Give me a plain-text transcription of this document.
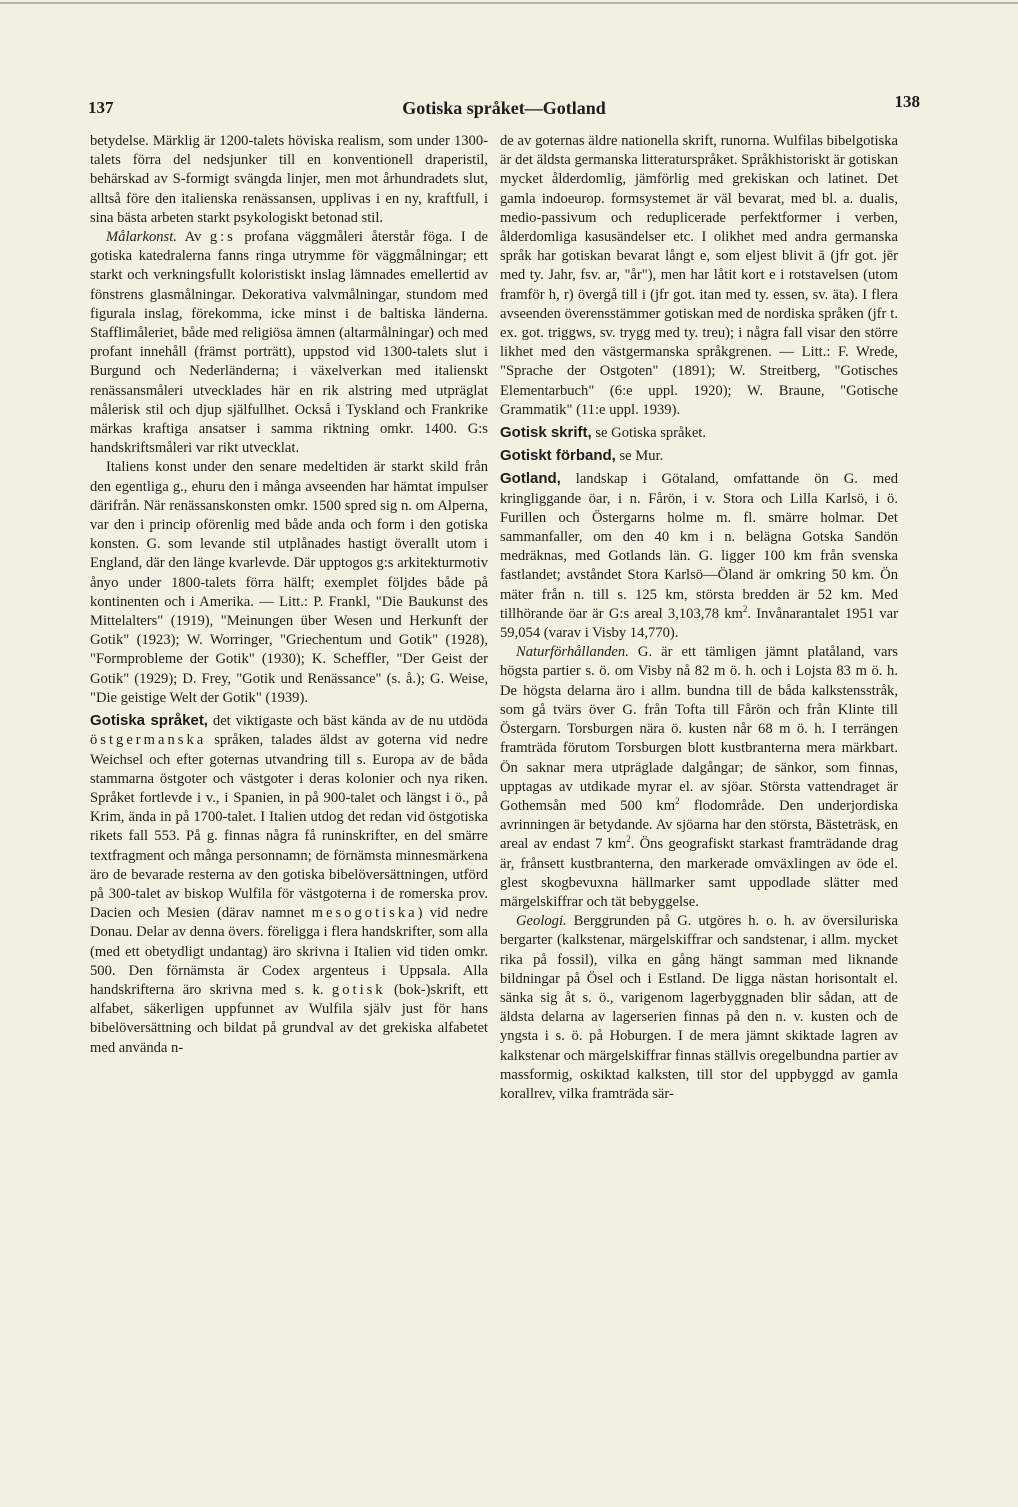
137	Gotiska språket—Gotland	138

betydelse. Märklig är 1200-talets höviska realism, som under 1300-talets förra del nedsjunker till en konventionell draperistil, behärskad av S-formigt svängda linjer, men mot århundradets slut, alltså före den italienska renässansen, upplivas i en ny, kraftfull, i sina bästa arbeten starkt psykologiskt betonad stil.

Målarkonst. Av g:s profana väggmåleri återstår föga. I de gotiska katedralerna fanns ringa utrymme för väggmålningar; ett starkt och verkningsfullt koloristiskt inslag lämnades emellertid av fönstrens glasmålningar. Dekorativa valvmålningar, stundom med figurala inslag, förekomma, icke minst i de baltiska länderna. Stafflimåleriet, både med religiösa ämnen (altarmålningar) och med profant innehåll (främst porträtt), uppstod vid 1300-talets slut i Burgund och Nederländerna; i växelverkan med italienskt renässansmåleri utvecklades här en rik alstring med utpräglat målerisk stil och djup själfullhet. Också i Tyskland och Frankrike märkas kraftiga ansatser i samma riktning omkr. 1400. G:s handskriftsmåleri var rikt utvecklat.

Italiens konst under den senare medeltiden är starkt skild från den egentliga g., ehuru den i många avseenden har hämtat impulser därifrån. När renässanskonsten omkr. 1500 spred sig n. om Alperna, var den i princip oförenlig med både anda och form i den gotiska konsten. G. som levande stil utplånades hastigt överallt utom i England, där den länge kvarlevde. Där upptogos g:s arkitekturmotiv ånyo under 1800-talets förra hälft; exemplet följdes både på kontinenten och i Amerika. — Litt.: P. Frankl, "Die Baukunst des Mittelalters" (1919), "Meinungen über Wesen und Herkunft der Gotik" (1923); W. Worringer, "Griechentum und Gotik" (1928), "Formprobleme der Gotik" (1930); K. Scheffler, "Der Geist der Gotik" (1929); D. Frey, "Gotik und Renässance" (s. å.); G. Weise, "Die geistige Welt der Gotik" (1939).

Gotiska språket, det viktigaste och bäst kända av de nu utdöda östgermanska språken, talades äldst av goterna vid nedre Weichsel och efter goternas utvandring till s. Europa av de båda stammarna östgoter och västgoter i deras kolonier och nya riken. Språket fortlevde i v., i Spanien, in på 900-talet och längst i ö., på Krim, ända in på 1700-talet. I Italien utdog det redan vid östgotiska rikets fall 553. På g. finnas några få runinskrifter, en del smärre textfragment och många personnamn; de förnämsta minnesmärkena äro de bevarade resterna av den gotiska bibelöversättningen, utförd på 300-talet av biskop Wulfila för västgoterna i de romerska prov. Dacien och Mesien (därav namnet mesogotiska) vid nedre Donau. Delar av denna övers. föreligga i flera handskrifter, som alla (med ett obetydligt undantag) äro skrivna i Italien vid tiden omkr. 500. Den förnämsta är Codex argenteus i Uppsala. Alla handskrifterna äro skrivna med s. k. gotisk (bok-)skrift, ett alfabet, säkerligen uppfunnet av Wulfila själv just för hans bibelöversättning och bildat på grundval av det grekiska alfabetet med använda n-

de av goternas äldre nationella skrift, runorna. Wulfilas bibelgotiska är det äldsta germanska litteraturspråket. Språkhistoriskt är gotiskan mycket ålderdomlig, jämförlig med grekiskan och latinet. Det gamla indoeurop. formsystemet är väl bevarat, med bl. a. dualis, medio-passivum och reduplicerade perfektformer i verben, ålderdomliga kasusändelser etc. I olikhet med andra germanska språk har gotiskan bevarat långt e, som eljest blivit ā (jfr got. jēr med ty. Jahr, fsv. ar, "år"), men har låtit kort e i rotstavelsen (utom framför h, r) övergå till i (jfr got. itan med ty. essen, sv. äta). I flera avseenden överensstämmer gotiskan med de nordiska språken (jfr t. ex. got. triggws, sv. trygg med ty. treu); i några fall visar den större likhet med den västgermanska språkgrenen. — Litt.: F. Wrede, "Sprache der Ostgoten" (1891); W. Streitberg, "Gotisches Elementarbuch" (6:e uppl. 1920); W. Braune, "Gotische Grammatik" (11:e uppl. 1939).

Gotisk skrift, se Gotiska språket.

Gotiskt förband, se Mur.

Gotland, landskap i Götaland, omfattande ön G. med kringliggande öar, i n. Fårön, i v. Stora och Lilla Karlsö, i ö. Furillen och Östergarns holme m. fl. smärre holmar. Det sammanfaller, om den 40 km i n. belägna Gotska Sandön medräknas, med Gotlands län. G. ligger 100 km från svenska fastlandet; avståndet Stora Karlsö—Öland är omkring 50 km. Ön mäter från n. till s. 125 km, största bredden är 52 km. Med tillhörande öar är G:s areal 3,103,78 $km^2$. Invånarantalet 1951 var 59,054 (varav i Visby 14,770).

Naturförhållanden. G. är ett tämligen jämnt platåland, vars högsta partier s. ö. om Visby nå 82 m ö. h. och i Lojsta 83 m ö. h. De högsta delarna äro i allm. bundna till de båda kalkstensstråk, som gå tvärs över G. från Tofta till Fårön och från Klinte till Östergarn. Torsburgen nära ö. kusten når 68 m ö. h. I terrängen framträda förutom Torsburgen blott kustbranterna mera märkbart. Ön saknar mera utpräglade dalgångar; de sänkor, som finnas, upptagas av utdikade myrar el. av sjöar. Största vattendraget är Gothemsån med 500 $km^2$ flodområde. Den underjordiska avrinningen är betydande. Av sjöarna har den största, Bästeträsk, en areal av endast 7 $km^2$. Öns geografiskt starkast framträdande drag är, frånsett kustbranterna, den markerade omväxlingen av öde el. glest skogbevuxna hällmarker samt uppodlade slätter med märgelskiffrar och tät bebyggelse.

Geologi. Berggrunden på G. utgöres h. o. h. av översiluriska bergarter (kalkstenar, märgelskiffrar och sandstenar, i allm. mycket rika på fossil), vilka en gång hängt samman med liknande bildningar på Ösel och i Estland. De ligga nästan horisontalt el. sänka sig åt s. ö., varigenom lagerbyggnaden blir sådan, att de äldsta delarna av lagerserien finnas på den n. v. kusten och de yngsta i s. ö. på Hoburgen. I de mera jämnt skiktade lagren av kalkstenar och märgelskiffrar finnas ställvis oregelbundna partier av massformig, oskiktad kalksten, till stor del uppbyggd av gamla korallrev, vilka framträda sär-
